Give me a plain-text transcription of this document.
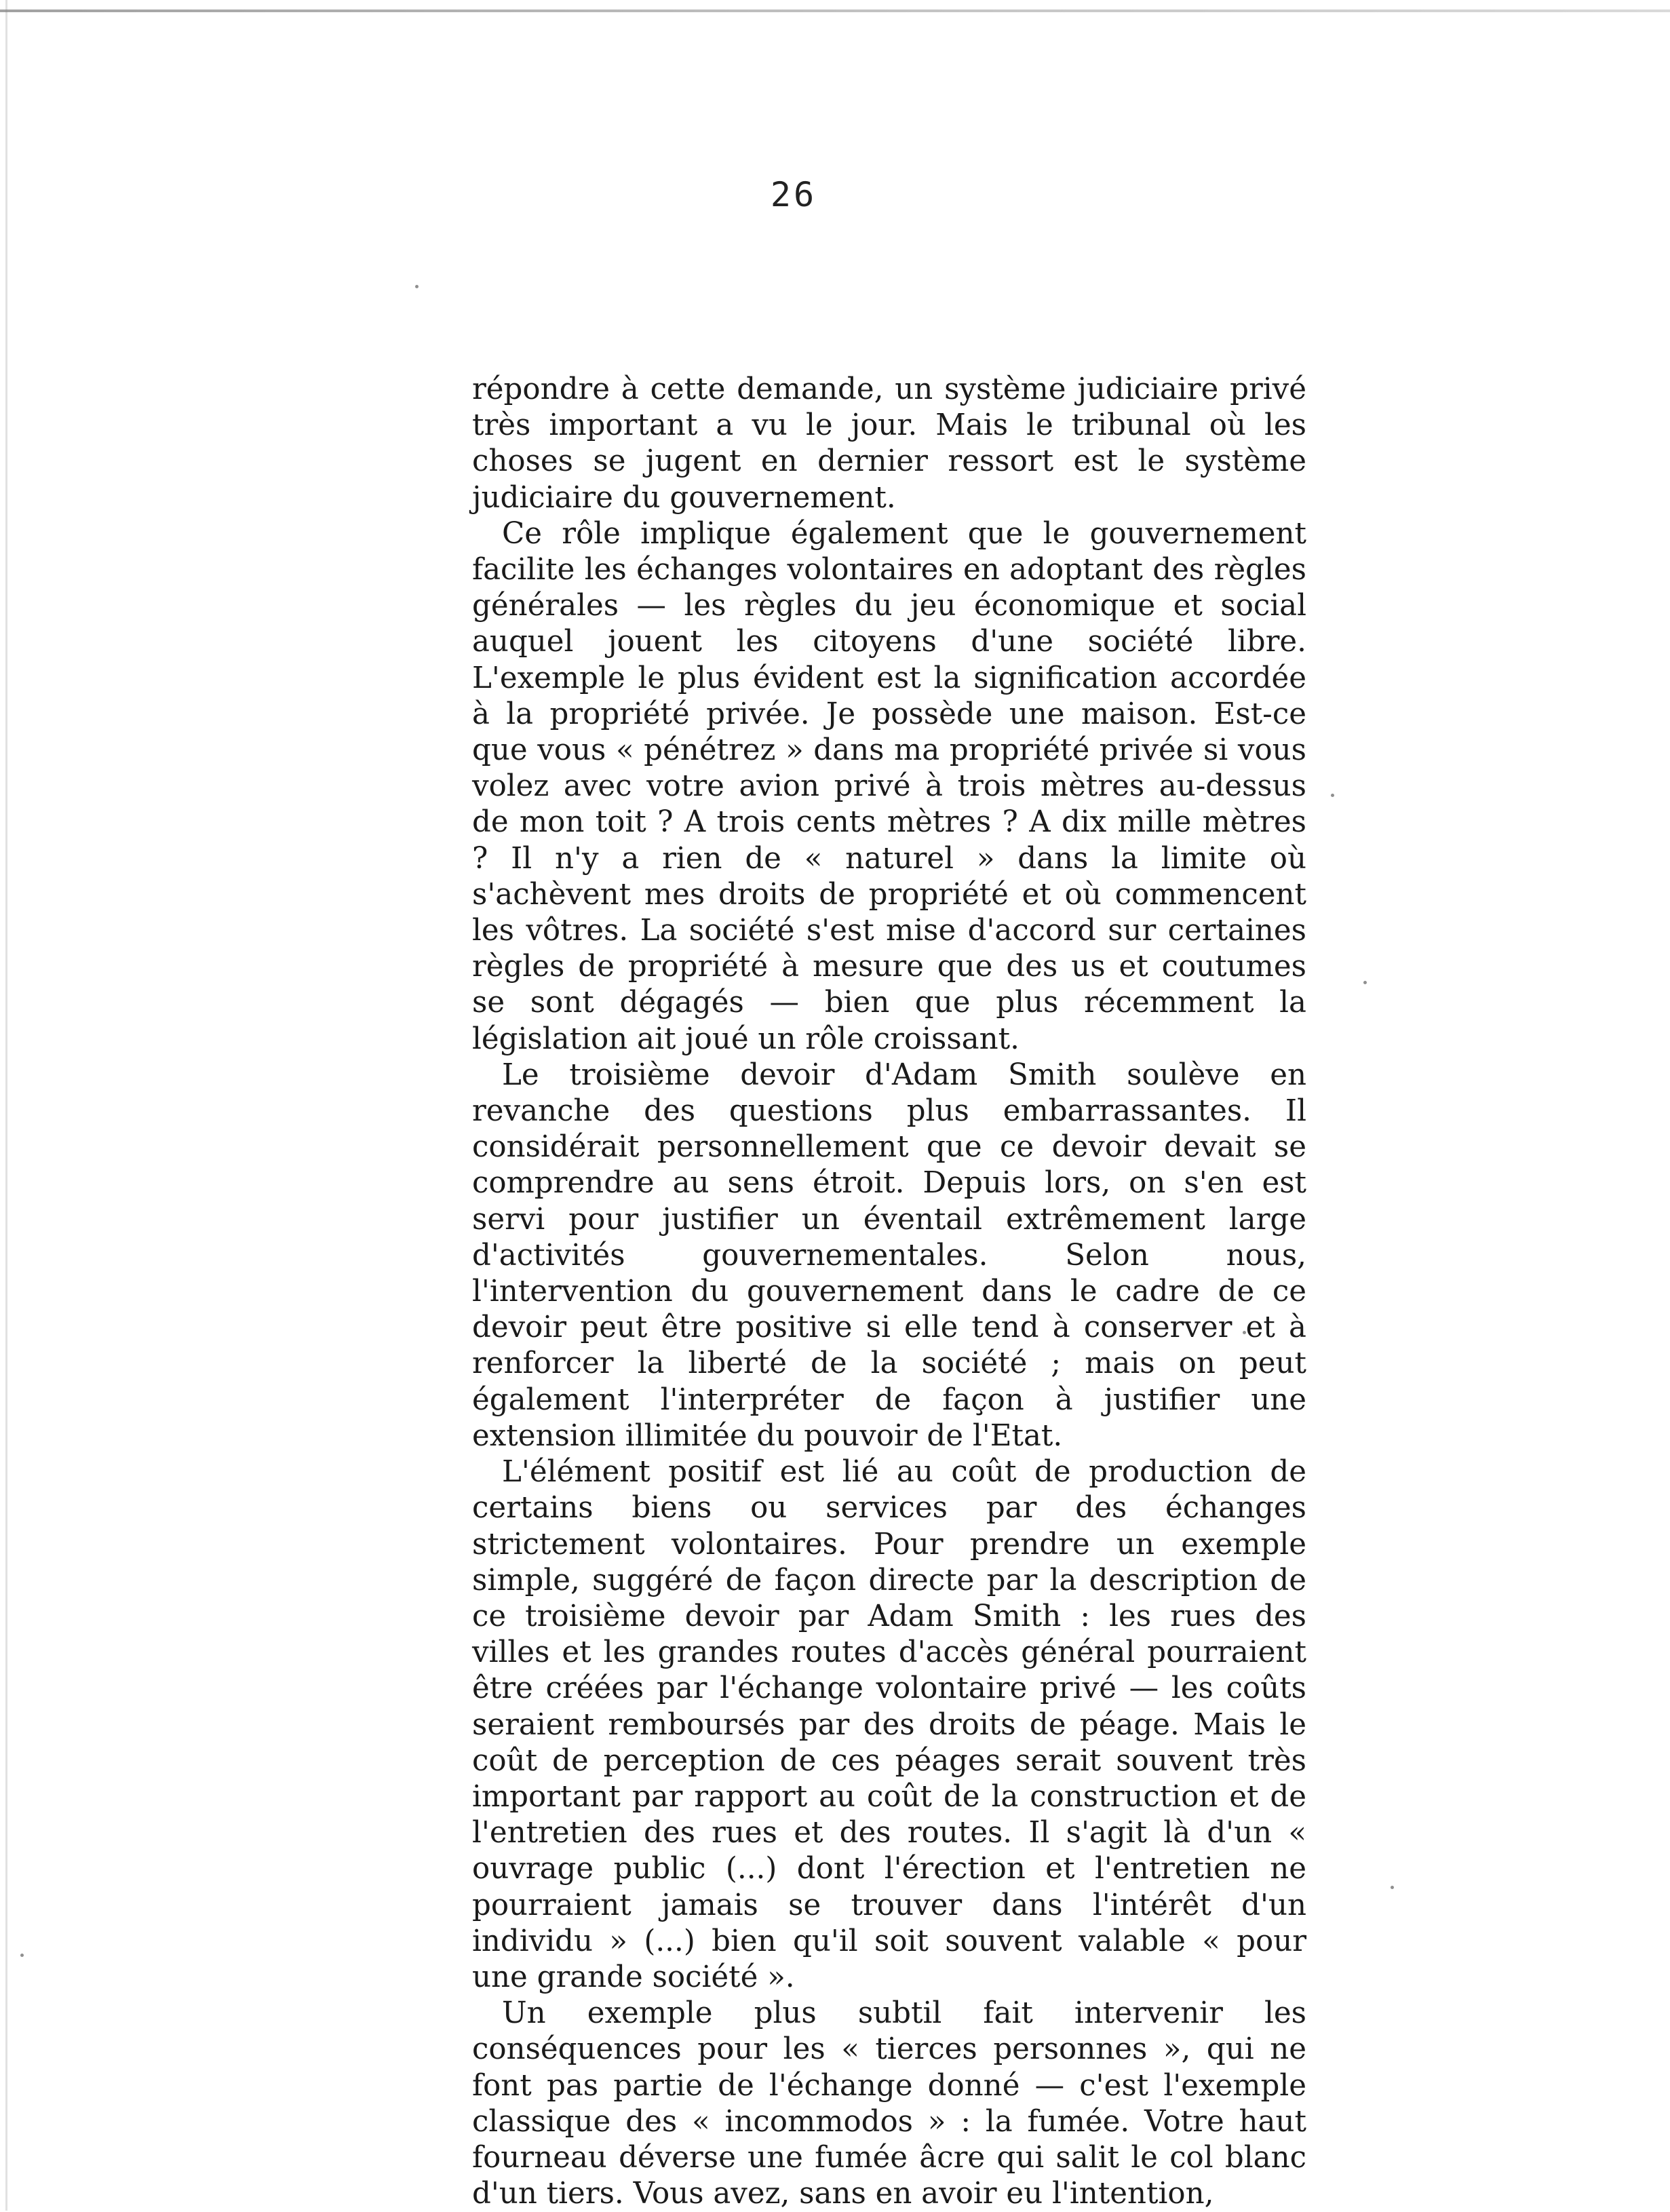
26

répondre à cette demande, un système judiciaire privé très important a vu le jour. Mais le tribunal où les choses se jugent en dernier ressort est le système judiciaire du gouvernement.

Ce rôle implique également que le gouvernement facilite les échanges volontaires en adoptant des règles générales — les règles du jeu économique et social auquel jouent les citoyens d'une société libre. L'exemple le plus évident est la signification accordée à la propriété privée. Je possède une maison. Est-ce que vous « pénétrez » dans ma propriété privée si vous volez avec votre avion privé à trois mètres au-dessus de mon toit ? A trois cents mètres ? A dix mille mètres ? Il n'y a rien de « naturel » dans la limite où s'achèvent mes droits de propriété et où commencent les vôtres. La société s'est mise d'accord sur certaines règles de propriété à mesure que des us et coutumes se sont dégagés — bien que plus récemment la législation ait joué un rôle croissant.

Le troisième devoir d'Adam Smith soulève en revanche des questions plus embarrassantes. Il considérait personnellement que ce devoir devait se comprendre au sens étroit. Depuis lors, on s'en est servi pour justifier un éventail extrêmement large d'activités gouvernementales. Selon nous, l'intervention du gouvernement dans le cadre de ce devoir peut être positive si elle tend à conserver et à renforcer la liberté de la société ; mais on peut également l'interpréter de façon à justifier une extension illimitée du pouvoir de l'Etat.

L'élément positif est lié au coût de production de certains biens ou services par des échanges strictement volontaires. Pour prendre un exemple simple, suggéré de façon directe par la description de ce troisième devoir par Adam Smith : les rues des villes et les grandes routes d'accès général pourraient être créées par l'échange volontaire privé — les coûts seraient remboursés par des droits de péage. Mais le coût de perception de ces péages serait souvent très important par rapport au coût de la construction et de l'entretien des rues et des routes. Il s'agit là d'un « ouvrage public (...) dont l'érection et l'entretien ne pourraient jamais se trouver dans l'intérêt d'un individu » (...) bien qu'il soit souvent valable « pour une grande société ».

Un exemple plus subtil fait intervenir les conséquences pour les « tierces personnes », qui ne font pas partie de l'échange donné — c'est l'exemple classique des « incommodos » : la fumée. Votre haut fourneau déverse une fumée âcre qui salit le col blanc d'un tiers. Vous avez, sans en avoir eu l'intention,
